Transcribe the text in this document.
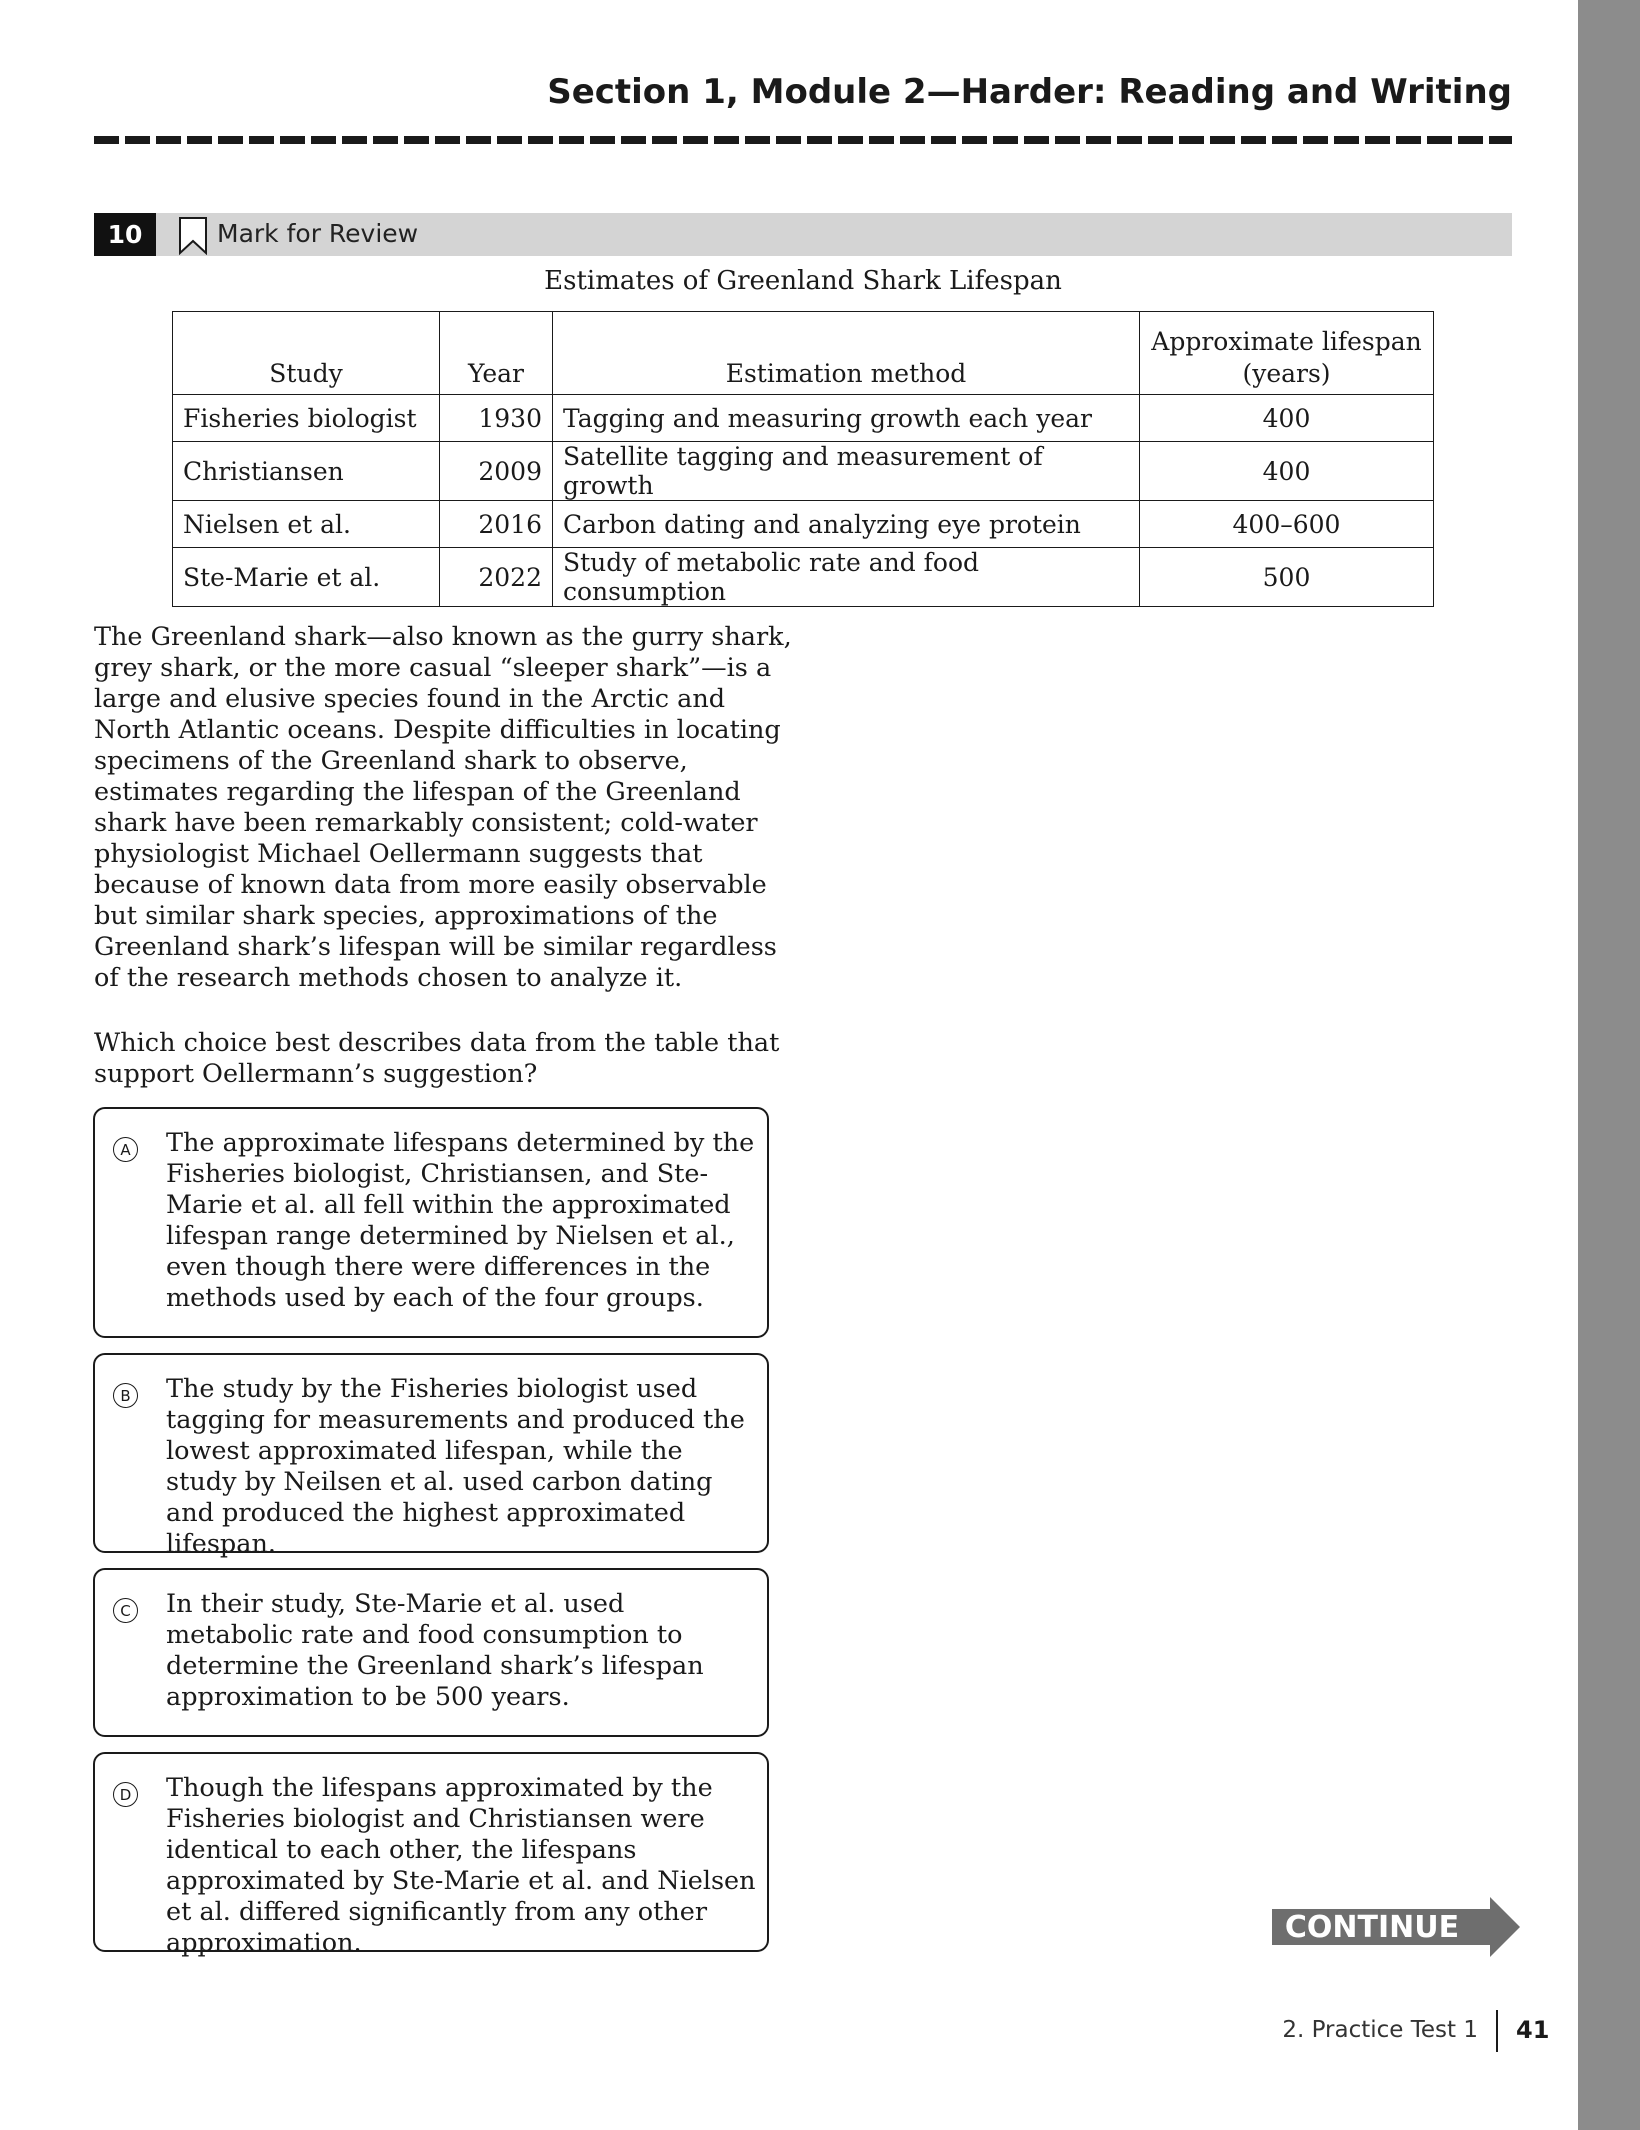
Section 1, Module 2—Harder: Reading and Writing
10	Mark for Review
Estimates of Greenland Shark Lifespan
Study	Year	Estimation method	Approximate lifespan (years)
Fisheries biologist	1930	Tagging and measuring growth each year	400
Christiansen	2009	Satellite tagging and measurement of growth	400
Nielsen et al.	2016	Carbon dating and analyzing eye protein	400–600
Ste-Marie et al.	2022	Study of metabolic rate and food consumption	500

The Greenland shark—also known as the gurry shark, grey shark, or the more casual “sleeper shark”—is a large and elusive species found in the Arctic and North Atlantic oceans. Despite difficulties in locating specimens of the Greenland shark to observe, estimates regarding the lifespan of the Greenland shark have been remarkably consistent; cold-water physiologist Michael Oellermann suggests that because of known data from more easily observable but similar shark species, approximations of the Greenland shark’s lifespan will be similar regardless of the research methods chosen to analyze it.

Which choice best describes data from the table that support Oellermann’s suggestion?

A The approximate lifespans determined by the Fisheries biologist, Christiansen, and Ste-Marie et al. all fell within the approximated lifespan range determined by Nielsen et al., even though there were differences in the methods used by each of the four groups.
B The study by the Fisheries biologist used tagging for measurements and produced the lowest approximated lifespan, while the study by Neilsen et al. used carbon dating and produced the highest approximated lifespan.
C In their study, Ste-Marie et al. used metabolic rate and food consumption to determine the Greenland shark’s lifespan approximation to be 500 years.
D Though the lifespans approximated by the Fisheries biologist and Christiansen were identical to each other, the lifespans approximated by Ste-Marie et al. and Nielsen et al. differed significantly from any other approximation.	CONTINUE
2. Practice Test 1 41
